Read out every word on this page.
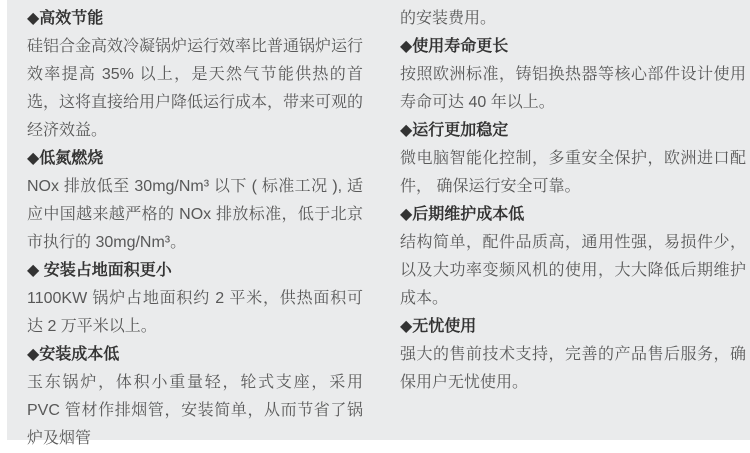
◆高效节能

硅铝合金高效冷凝锅炉运行效率比普通锅炉运行效率提高 35% 以上，是天然气节能供热的首选，这将直接给用户降低运行成本，带来可观的经济效益。

◆低氮燃烧

NOx 排放低至 30mg/Nm³ 以下 ( 标准工况 ), 适应中国越来越严格的 NOx 排放标准，低于北京市执行的 30mg/Nm³。

◆ 安装占地面积更小

1100KW 锅炉占地面积约 2 平米，供热面积可达 2 万平米以上。

◆安装成本低

玉东锅炉，体积小重量轻，轮式支座，采用 PVC 管材作排烟管，安装简单，从而节省了锅炉及烟管

的安装费用。

◆使用寿命更长

按照欧洲标准，铸铝换热器等核心部件设计使用寿命可达 40 年以上。

◆运行更加稳定

微电脑智能化控制，多重安全保护，欧洲进口配件， 确保运行安全可靠。

◆后期维护成本低

结构简单，配件品质高，通用性强，易损件少，以及大功率变频风机的使用，大大降低后期维护成本。

◆无忧使用

强大的售前技术支持，完善的产品售后服务，确保用户无忧使用。
